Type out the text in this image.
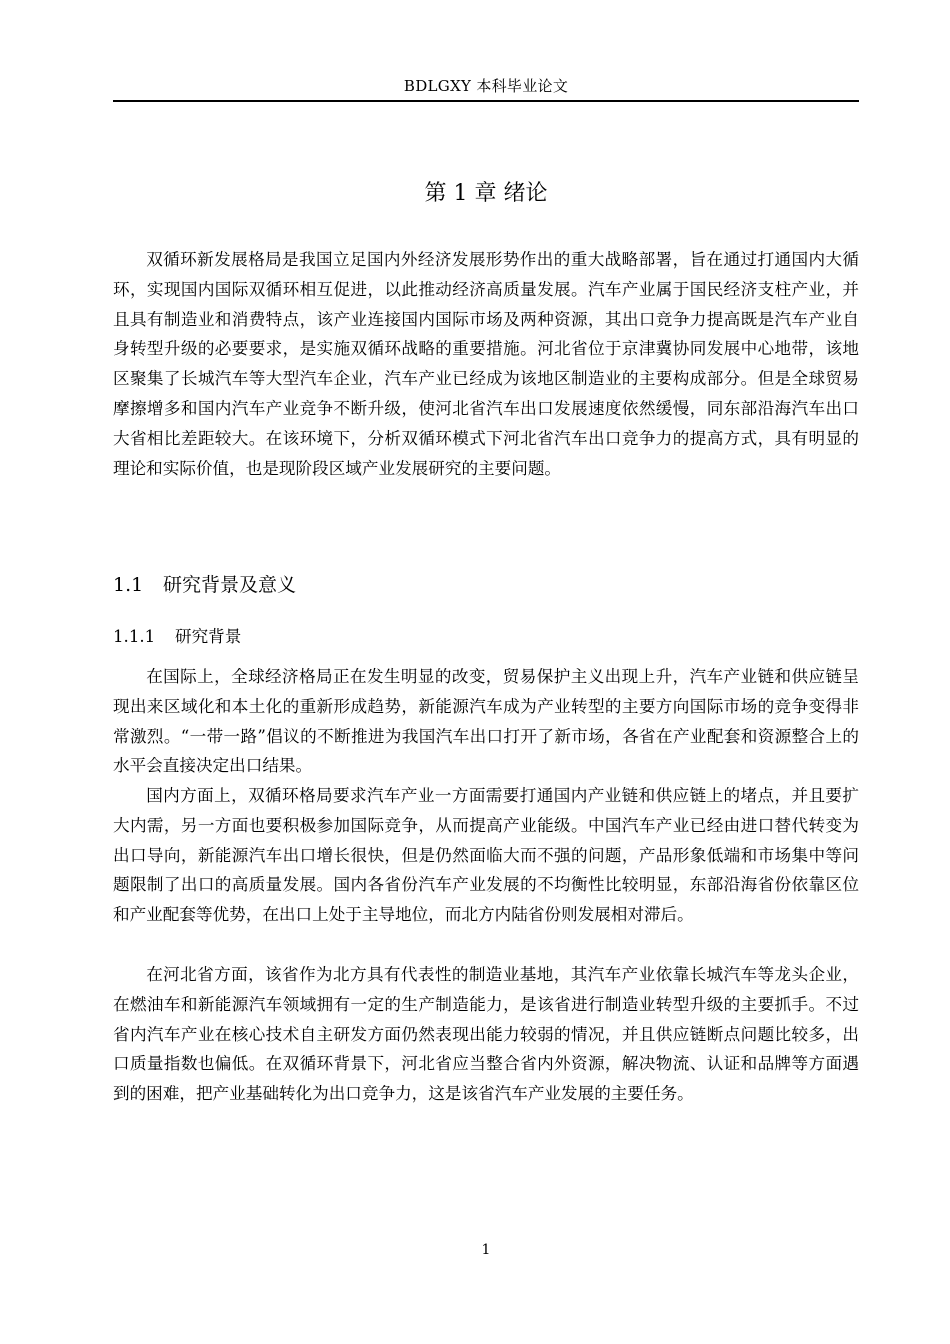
BDLGXY 本科毕业论文
第 1 章 绪论

双循环新发展格局是我国立足国内外经济发展形势作出的重大战略部署，旨在通过打通国内大循环，实现国内国际双循环相互促进，以此推动经济高质量发展。汽车产业属于国民经济支柱产业，并且具有制造业和消费特点，该产业连接国内国际市场及两种资源，其出口竞争力提高既是汽车产业自身转型升级的必要要求，是实施双循环战略的重要措施。河北省位于京津冀协同发展中心地带，该地区聚集了长城汽车等大型汽车企业，汽车产业已经成为该地区制造业的主要构成部分。但是全球贸易摩擦增多和国内汽车产业竞争不断升级，使河北省汽车出口发展速度依然缓慢，同东部沿海汽车出口大省相比差距较大。在该环境下，分析双循环模式下河北省汽车出口竞争力的提高方式，具有明显的理论和实际价值，也是现阶段区域产业发展研究的主要问题。

1.1 研究背景及意义
1.1.1 研究背景

在国际上，全球经济格局正在发生明显的改变，贸易保护主义出现上升，汽车产业链和供应链呈现出来区域化和本土化的重新形成趋势，新能源汽车成为产业转型的主要方向国际市场的竞争变得非常激烈。“一带一路”倡议的不断推进为我国汽车出口打开了新市场，各省在产业配套和资源整合上的水平会直接决定出口结果。

国内方面上，双循环格局要求汽车产业一方面需要打通国内产业链和供应链上的堵点，并且要扩大内需，另一方面也要积极参加国际竞争，从而提高产业能级。中国汽车产业已经由进口替代转变为出口导向，新能源汽车出口增长很快，但是仍然面临大而不强的问题，产品形象低端和市场集中等问题限制了出口的高质量发展。国内各省份汽车产业发展的不均衡性比较明显，东部沿海省份依靠区位和产业配套等优势，在出口上处于主导地位，而北方内陆省份则发展相对滞后。

在河北省方面，该省作为北方具有代表性的制造业基地，其汽车产业依靠长城汽车等龙头企业，在燃油车和新能源汽车领域拥有一定的生产制造能力，是该省进行制造业转型升级的主要抓手。不过省内汽车产业在核心技术自主研发方面仍然表现出能力较弱的情况，并且供应链断点问题比较多，出口质量指数也偏低。在双循环背景下，河北省应当整合省内外资源，解决物流、认证和品牌等方面遇到的困难，把产业基础转化为出口竞争力，这是该省汽车产业发展的主要任务。

1
